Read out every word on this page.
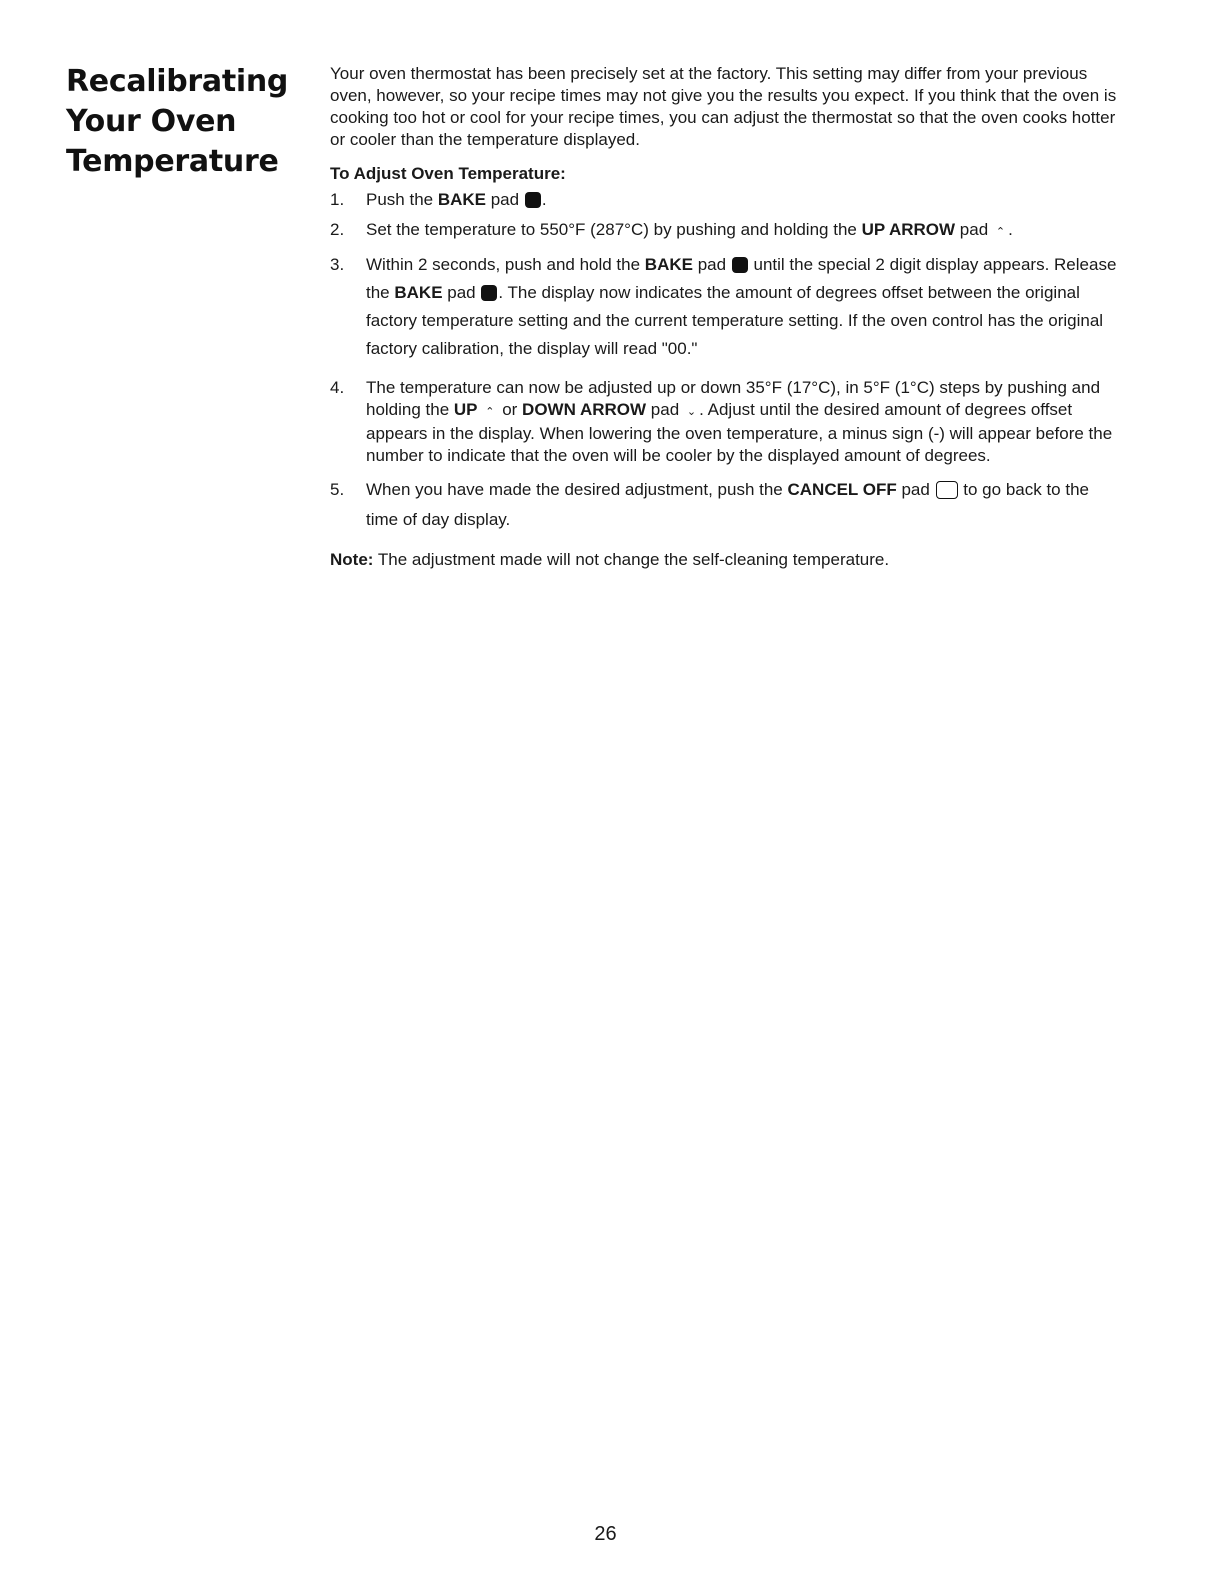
Recalibrating
Your Oven
Temperature

Your oven thermostat has been precisely set at the factory. This setting may differ from your previous oven, however, so your recipe times may not give you the results you expect. If you think that the oven is cooking too hot or cool for your recipe times, you can adjust the thermostat so that the oven cooks hotter or cooler than the temperature displayed.

To Adjust Oven Temperature:
1. Push the BAKE pad .
2. Set the temperature to 550°F (287°C) by pushing and holding the UP ARROW pad ⌃ .
3. Within 2 seconds, push and hold the BAKE pad  until the special 2 digit display appears. Release the BAKE pad . The display now indicates the amount of degrees offset between the original factory temperature setting and the current temperature setting. If the oven control has the original factory calibration, the display will read "00."
4. The temperature can now be adjusted up or down 35°F (17°C), in 5°F (1°C) steps by pushing and holding the UP ⌃ or DOWN ARROW pad ⌄ . Adjust until the desired amount of degrees offset appears in the display. When lowering the oven temperature, a minus sign (-) will appear before the number to indicate that the oven will be cooler by the displayed amount of degrees.
5. When you have made the desired adjustment, push the CANCEL OFF pad  to go back to the time of day display.

Note: The adjustment made will not change the self-cleaning temperature.

26
